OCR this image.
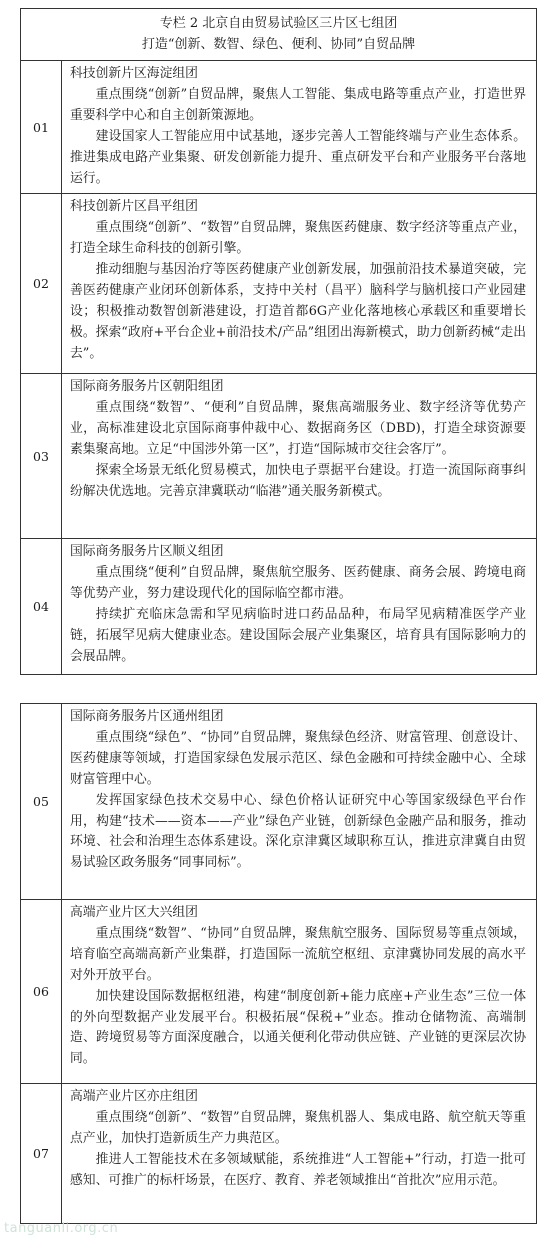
专栏 2 北京自由贸易试验区三片区七组团
打造“创新、数智、绿色、便利、协同”自贸品牌	

01	科技创新片区海淀组团

重点围绕“创新”自贸品牌，聚焦人工智能、集成电路等重点产业，打造世界重要科学中心和自主创新策源地。

建设国家人工智能应用中试基地，逐步完善人工智能终端与产业生态体系。推进集成电路产业集聚、研发创新能力提升、重点研发平台和产业服务平台落地运行。

02	科技创新片区昌平组团

重点围绕“创新”、“数智”自贸品牌，聚焦医药健康、数字经济等重点产业，打造全球生命科技的创新引擎。

推动细胞与基因治疗等医药健康产业创新发展，加强前沿技术暴道突破，完善医药健康产业闭环创新体系，支持中关村（昌平）脑科学与脑机接口产业园建设；积极推动数智创新港建设，打造首都6G产业化落地核心承载区和重要增长极。探索“政府+平台企业+前沿技术/产品”组团出海新模式，助力创新药械“走出去”。

03	国际商务服务片区朝阳组团

重点围绕“数智”、“便利”自贸品牌，聚焦高端服务业、数字经济等优势产业，高标准建设北京国际商事仲裁中心、数据商务区（DBD)，打造全球资源要素集聚高地。立足“中国涉外第一区”，打造“国际城市交往会客厅”。

探索全场景无纸化贸易模式，加快电子票据平台建设。打造一流国际商事纠纷解决优选地。完善京津冀联动“临港”通关服务新模式。

04	国际商务服务片区顺义组团

重点围绕“便利”自贸品牌，聚焦航空服务、医药健康、商务会展、跨境电商等优势产业，努力建设现代化的国际临空都市港。

持续扩充临床急需和罕见病临时进口药品品种，布局罕见病精准医学产业链，拓展罕见病大健康业态。建设国际会展产业集聚区，培育具有国际影响力的会展品牌。

05	国际商务服务片区通州组团

重点围绕“绿色”、“协同”自贸品牌，聚焦绿色经济、财富管理、创意设计、医药健康等领域，打造国家绿色发展示范区、绿色金融和可持续金融中心、全球财富管理中心。

发挥国家绿色技术交易中心、绿色价格认证研究中心等国家级绿色平台作用，构建“技术——资本——产业”绿色产业链，创新绿色金融产品和服务，推动环境、社会和治理生态体系建设。深化京津冀区域职称互认，推进京津冀自由贸易试验区政务服务“同事同标”。

06	高端产业片区大兴组团

重点围绕“数智”、“协同”自贸品牌，聚焦航空服务、国际贸易等重点领域，培育临空高端高新产业集群，打造国际一流航空枢纽、京津冀协同发展的高水平对外开放平台。

加快建设国际数据枢纽港，构建“制度创新+能力底座+产业生态”三位一体的外向型数据产业发展平台。积极拓展“保税+”业态。推动仓储物流、高端制造、跨境贸易等方面深度融合，以通关便利化带动供应链、产业链的更深层次协同。

07	高端产业片区亦庄组团

重点围绕“创新”、“数智”自贸品牌，聚焦机器人、集成电路、航空航天等重点产业，加快打造新质生产力典范区。

推进人工智能技术在多领域赋能，系统推进“人工智能+”行动，打造一批可感知、可推广的标杆场景，在医疗、教育、养老领域推出“首批次”应用示范。

tanguanli.org.cn
